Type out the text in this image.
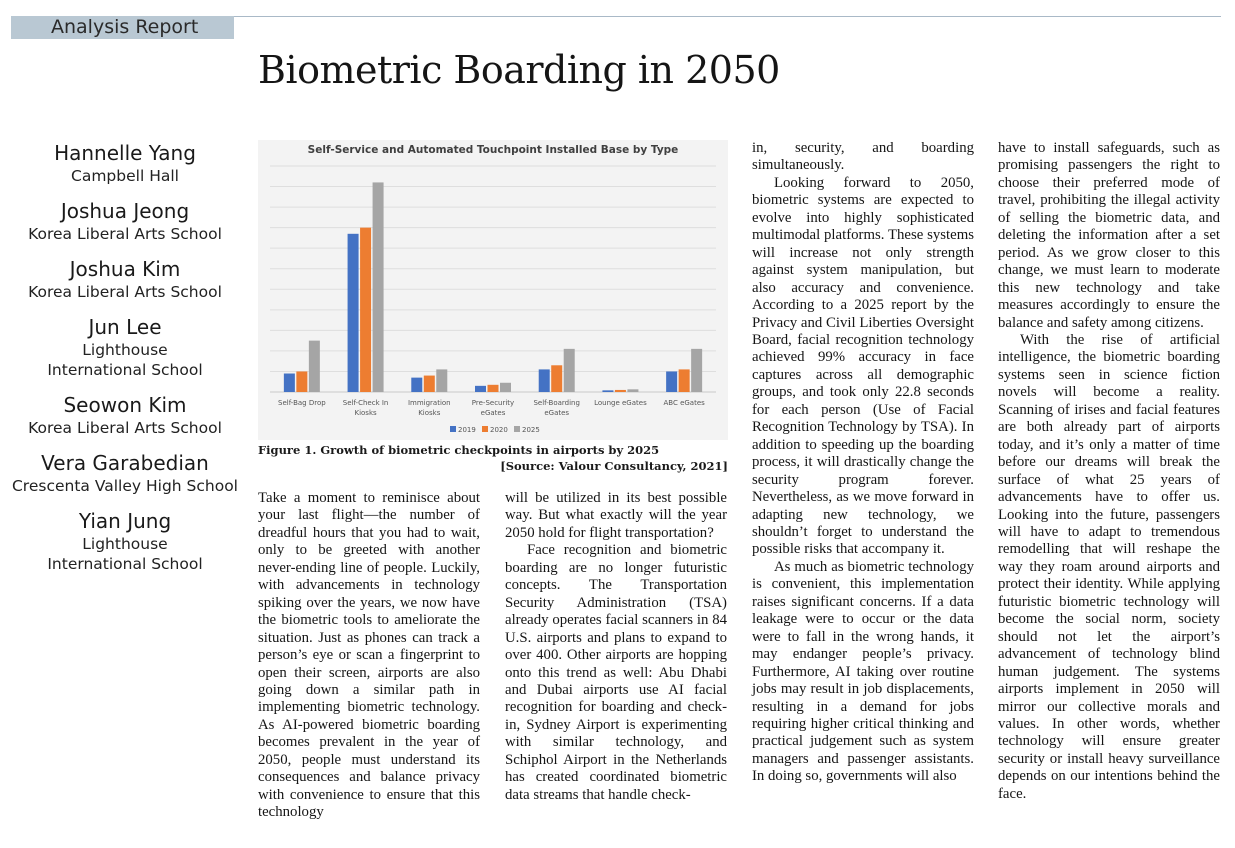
Analysis Report
Biometric Boarding in 2050
Hannelle Yang
Campbell Hall
Joshua Jeong
Korea Liberal Arts School
Joshua Kim
Korea Liberal Arts School
Jun Lee
Lighthouse International School
Seowon Kim
Korea Liberal Arts School
Vera Garabedian
Crescenta Valley High School
Yian Jung
Lighthouse International School
Self-Service and Automated Touchpoint Installed Base by Type
Self-Bag Drop Self-Check In
Kiosks
Immigration
Kiosks
Pre-Security
eGates
Self-Boarding
eGates
Lounge eGates ABC eGates
2019 2020 2025
Figure 1. Growth of biometric checkpoints in airports by 2025
[Source: Valour Consultancy, 2021]

Take a moment to reminisce about your last flight—the number of dreadful hours that you had to wait, only to be greeted with another never-ending line of people. Luckily, with advancements in technology spiking over the years, we now have the biometric tools to ameliorate the situation. Just as phones can track a person’s eye or scan a fingerprint to open their screen, airports are also going down a similar path in implementing biometric technology. As AI-powered biometric boarding becomes prevalent in the year of 2050, people must understand its consequences and balance privacy with convenience to ensure that this technology

will be utilized in its best possible way. But what exactly will the year 2050 hold for flight transportation?

Face recognition and biometric boarding are no longer futuristic concepts. The Transportation Security Administration (TSA) already operates facial scanners in 84 U.S. airports and plans to expand to over 400. Other airports are hopping onto this trend as well: Abu Dhabi and Dubai airports use AI facial recognition for boarding and check-in, Sydney Airport is experimenting with similar technology, and Schiphol Airport in the Netherlands has created coordinated biometric data streams that handle check-

in, security, and boarding simultaneously.

Looking forward to 2050, biometric systems are expected to evolve into highly sophisticated multimodal platforms. These systems will increase not only strength against system manipulation, but also accuracy and convenience. According to a 2025 report by the Privacy and Civil Liberties Oversight Board, facial recognition technology achieved 99% accuracy in face captures across all demographic groups, and took only 22.8 seconds for each person (Use of Facial Recognition Technology by TSA). In addition to speeding up the boarding process, it will drastically change the security program forever. Nevertheless, as we move forward in adapting new technology, we shouldn’t forget to understand the possible risks that accompany it.

As much as biometric technology is convenient, this implementation raises significant concerns. If a data leakage were to occur or the data were to fall in the wrong hands, it may endanger people’s privacy. Furthermore, AI taking over routine jobs may result in job displacements, resulting in a demand for jobs requiring higher critical thinking and practical judgement such as system managers and passenger assistants. In doing so, governments will also

have to install safeguards, such as promising passengers the right to choose their preferred mode of travel, prohibiting the illegal activity of selling the biometric data, and deleting the information after a set period. As we grow closer to this change, we must learn to moderate this new technology and take measures accordingly to ensure the balance and safety among citizens.

With the rise of artificial intelligence, the biometric boarding systems seen in science fiction novels will become a reality. Scanning of irises and facial features are both already part of airports today, and it’s only a matter of time before our dreams will break the surface of what 25 years of advancements have to offer us. Looking into the future, passengers will have to adapt to tremendous remodelling that will reshape the way they roam around airports and protect their identity. While applying futuristic biometric technology will become the social norm, society should not let the airport’s advancement of technology blind human judgement. The systems airports implement in 2050 will mirror our collective morals and values. In other words, whether technology will ensure greater security or install heavy surveillance depends on our intentions behind the face.
